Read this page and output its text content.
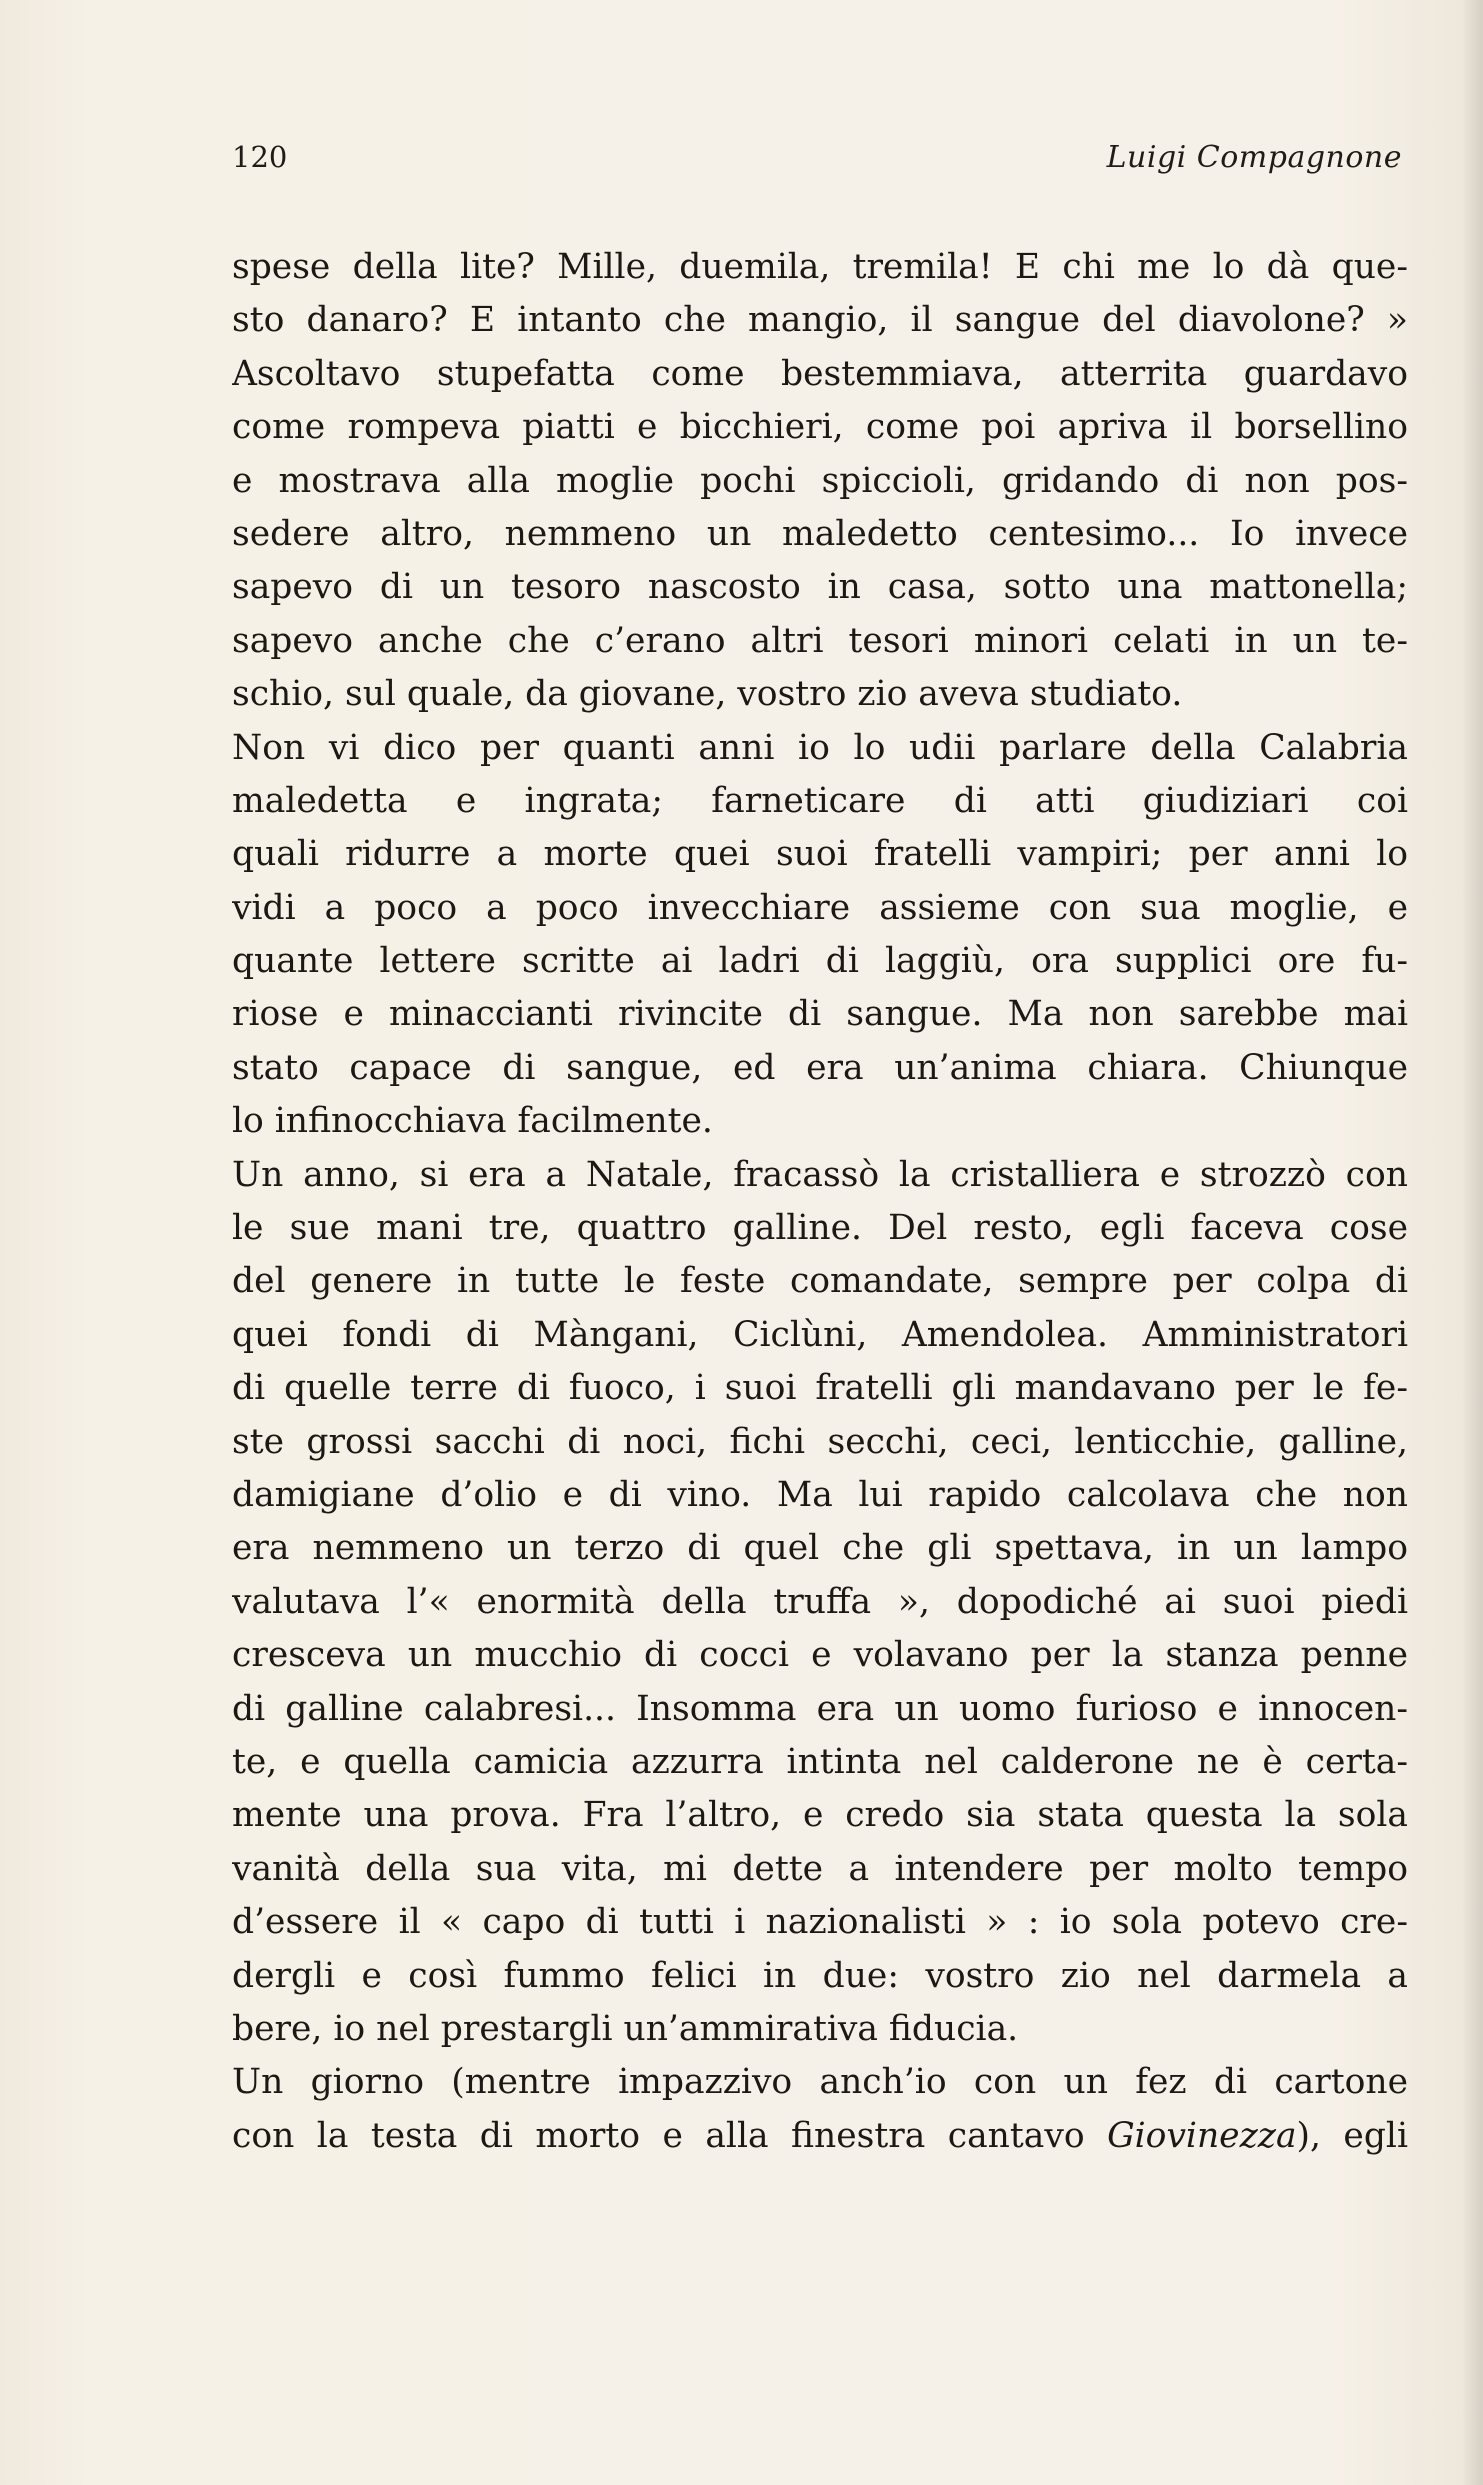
120	Luigi Compagnone
spese della lite? Mille, duemila, tremila! E chi me lo dà que-
sto danaro? E intanto che mangio, il sangue del diavolone? »
Ascoltavo stupefatta come bestemmiava, atterrita guardavo
come rompeva piatti e bicchieri, come poi apriva il borsellino
e mostrava alla moglie pochi spiccioli, gridando di non pos-
sedere altro, nemmeno un maledetto centesimo... Io invece
sapevo di un tesoro nascosto in casa, sotto una mattonella;
sapevo anche che c’erano altri tesori minori celati in un te-
schio, sul quale, da giovane, vostro zio aveva studiato.
Non vi dico per quanti anni io lo udii parlare della Calabria
maledetta e ingrata; farneticare di atti giudiziari coi
quali ridurre a morte quei suoi fratelli vampiri; per anni lo
vidi a poco a poco invecchiare assieme con sua moglie, e
quante lettere scritte ai ladri di laggiù, ora supplici ore fu-
riose e minaccianti rivincite di sangue. Ma non sarebbe mai
stato capace di sangue, ed era un’anima chiara. Chiunque
lo infinocchiava facilmente.
Un anno, si era a Natale, fracassò la cristalliera e strozzò con
le sue mani tre, quattro galline. Del resto, egli faceva cose
del genere in tutte le feste comandate, sempre per colpa di
quei fondi di Màngani, Ciclùni, Amendolea. Amministratori
di quelle terre di fuoco, i suoi fratelli gli mandavano per le fe-
ste grossi sacchi di noci, fichi secchi, ceci, lenticchie, galline,
damigiane d’olio e di vino. Ma lui rapido calcolava che non
era nemmeno un terzo di quel che gli spettava, in un lampo
valutava l’« enormità della truffa », dopodiché ai suoi piedi
cresceva un mucchio di cocci e volavano per la stanza penne
di galline calabresi... Insomma era un uomo furioso e innocen-
te, e quella camicia azzurra intinta nel calderone ne è certa-
mente una prova. Fra l’altro, e credo sia stata questa la sola
vanità della sua vita, mi dette a intendere per molto tempo
d’essere il « capo di tutti i nazionalisti » : io sola potevo cre-
dergli e così fummo felici in due: vostro zio nel darmela a
bere, io nel prestargli un’ammirativa fiducia.
Un giorno (mentre impazzivo anch’io con un fez di cartone
con la testa di morto e alla finestra cantavo Giovinezza), egli
